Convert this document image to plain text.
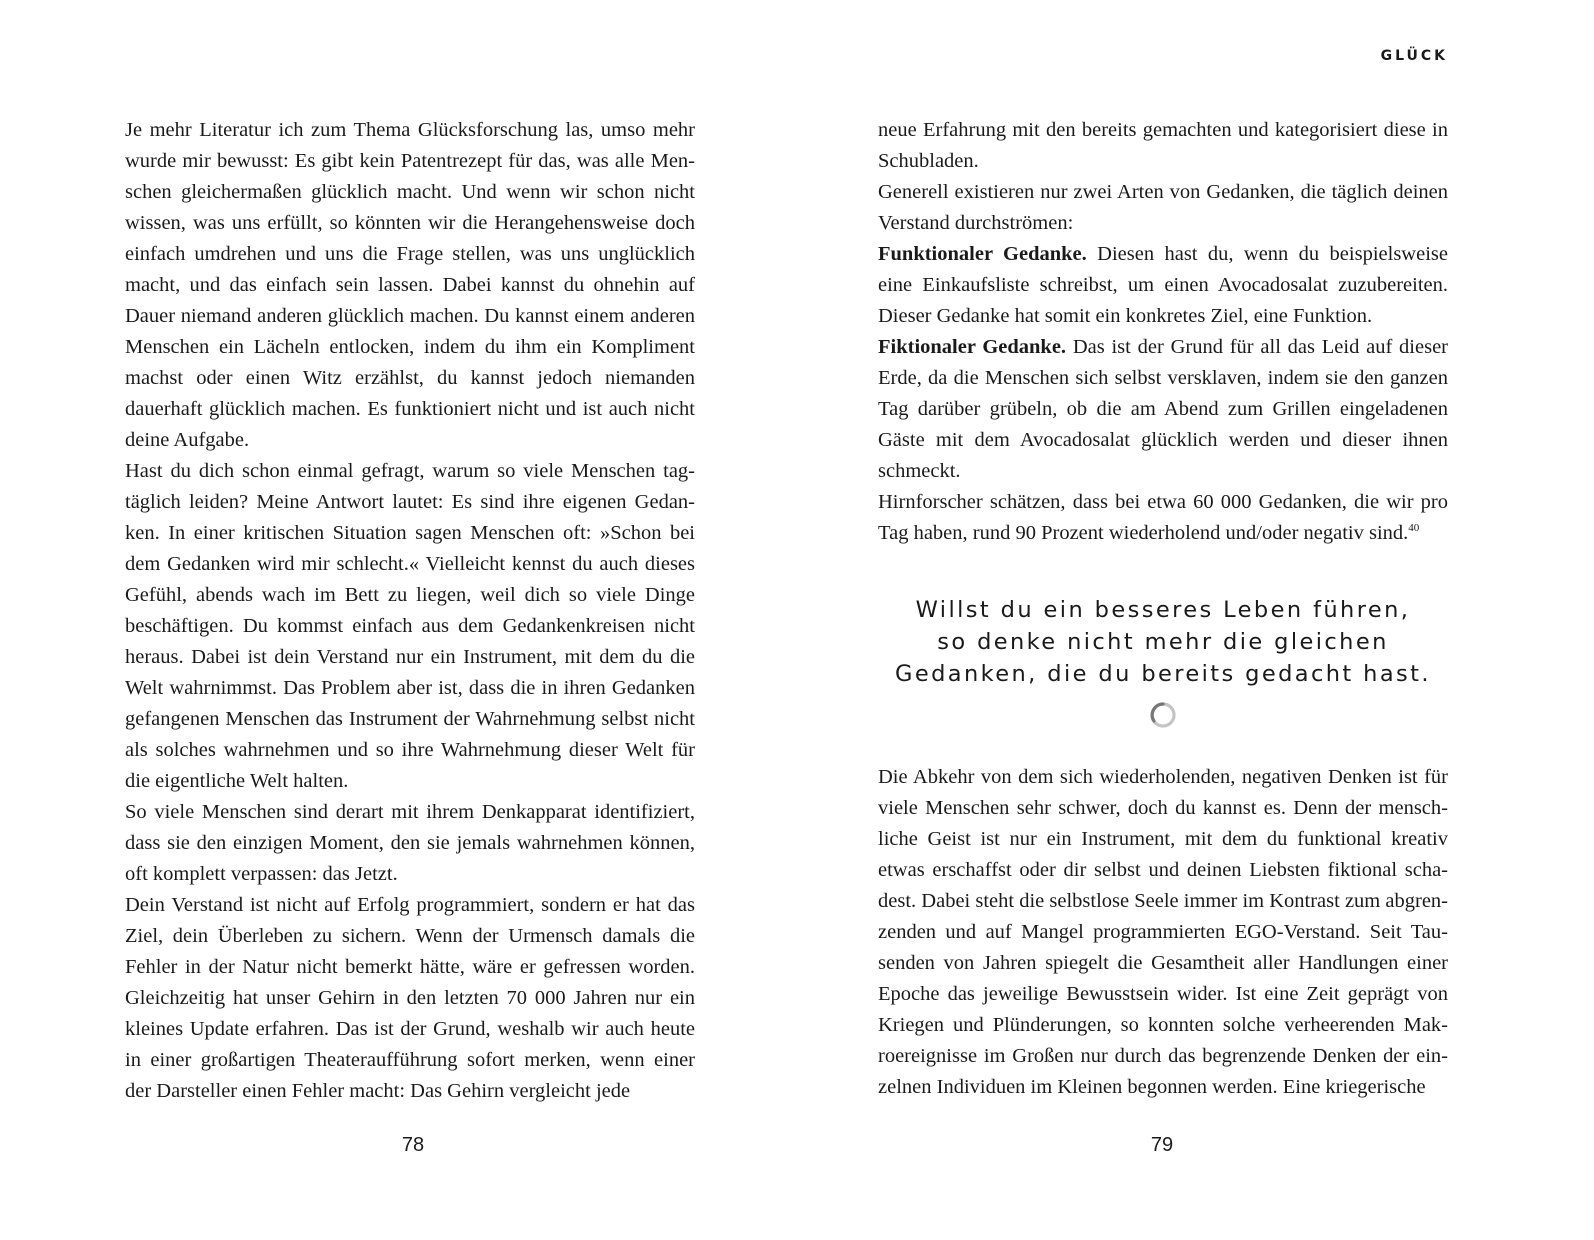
Je mehr Literatur ich zum Thema Glücksforschung las, umso mehr wurde mir bewusst: Es gibt kein Patentrezept für das, was alle Menschen gleichermaßen glücklich macht. Und wenn wir schon nicht wissen, was uns erfüllt, so könnten wir die Herangehensweise doch einfach umdrehen und uns die Frage stellen, was uns unglücklich macht, und das einfach sein lassen. Dabei kannst du ohnehin auf Dauer niemand anderen glücklich machen. Du kannst einem anderen Menschen ein Lächeln entlocken, indem du ihm ein Kompliment machst oder einen Witz erzählst, du kannst jedoch niemanden dauerhaft glücklich machen. Es funktioniert nicht und ist auch nicht deine Aufgabe.

Hast du dich schon einmal gefragt, warum so viele Menschen tagtäglich leiden? Meine Antwort lautet: Es sind ihre eigenen Gedanken. In einer kritischen Situation sagen Menschen oft: »Schon bei dem Gedanken wird mir schlecht.« Vielleicht kennst du auch dieses Gefühl, abends wach im Bett zu liegen, weil dich so viele Dinge beschäftigen. Du kommst einfach aus dem Gedankenkreisen nicht heraus. Dabei ist dein Verstand nur ein Instrument, mit dem du die Welt wahrnimmst. Das Problem aber ist, dass die in ihren Gedanken gefangenen Menschen das Instrument der Wahrnehmung selbst nicht als solches wahrnehmen und so ihre Wahrnehmung dieser Welt für die eigentliche Welt halten.

So viele Menschen sind derart mit ihrem Denkapparat identifiziert, dass sie den einzigen Moment, den sie jemals wahrnehmen können, oft komplett verpassen: das Jetzt.

Dein Verstand ist nicht auf Erfolg programmiert, sondern er hat das Ziel, dein Überleben zu sichern. Wenn der Urmensch damals die Fehler in der Natur nicht bemerkt hätte, wäre er gefressen worden. Gleichzeitig hat unser Gehirn in den letzten 70 000 Jahren nur ein kleines Update erfahren. Das ist der Grund, weshalb wir auch heute in einer großartigen Theateraufführung sofort merken, wenn einer der Darsteller einen Fehler macht: Das Gehirn vergleicht jede

78
GLÜCK

neue Erfahrung mit den bereits gemachten und kategorisiert diese in Schubladen.

Generell existieren nur zwei Arten von Gedanken, die täglich deinen Verstand durchströmen:

Funktionaler Gedanke. Diesen hast du, wenn du beispielsweise eine Einkaufsliste schreibst, um einen Avocadosalat zuzubereiten. Dieser Gedanke hat somit ein konkretes Ziel, eine Funktion.

Fiktionaler Gedanke. Das ist der Grund für all das Leid auf dieser Erde, da die Menschen sich selbst versklaven, indem sie den ganzen Tag darüber grübeln, ob die am Abend zum Grillen eingeladenen Gäste mit dem Avocadosalat glücklich werden und dieser ihnen schmeckt.

Hirnforscher schätzen, dass bei etwa 60 000 Gedanken, die wir pro Tag haben, rund 90 Prozent wiederholend und/oder negativ sind.$^{40}$

Willst du ein besseres Leben führen,
so denke nicht mehr die gleichen
Gedanken, die du bereits gedacht hast.

Die Abkehr von dem sich wiederholenden, negativen Denken ist für viele Menschen sehr schwer, doch du kannst es. Denn der menschliche Geist ist nur ein Instrument, mit dem du funktional kreativ etwas erschaffst oder dir selbst und deinen Liebsten fiktional schadest. Dabei steht die selbstlose Seele immer im Kontrast zum abgrenzenden und auf Mangel programmierten EGO-Verstand. Seit Tausenden von Jahren spiegelt die Gesamtheit aller Handlungen einer Epoche das jeweilige Bewusstsein wider. Ist eine Zeit geprägt von Kriegen und Plünderungen, so konnten solche verheerenden Makroereignisse im Großen nur durch das begrenzende Denken der einzelnen Individuen im Kleinen begonnen werden. Eine kriegerische

79
